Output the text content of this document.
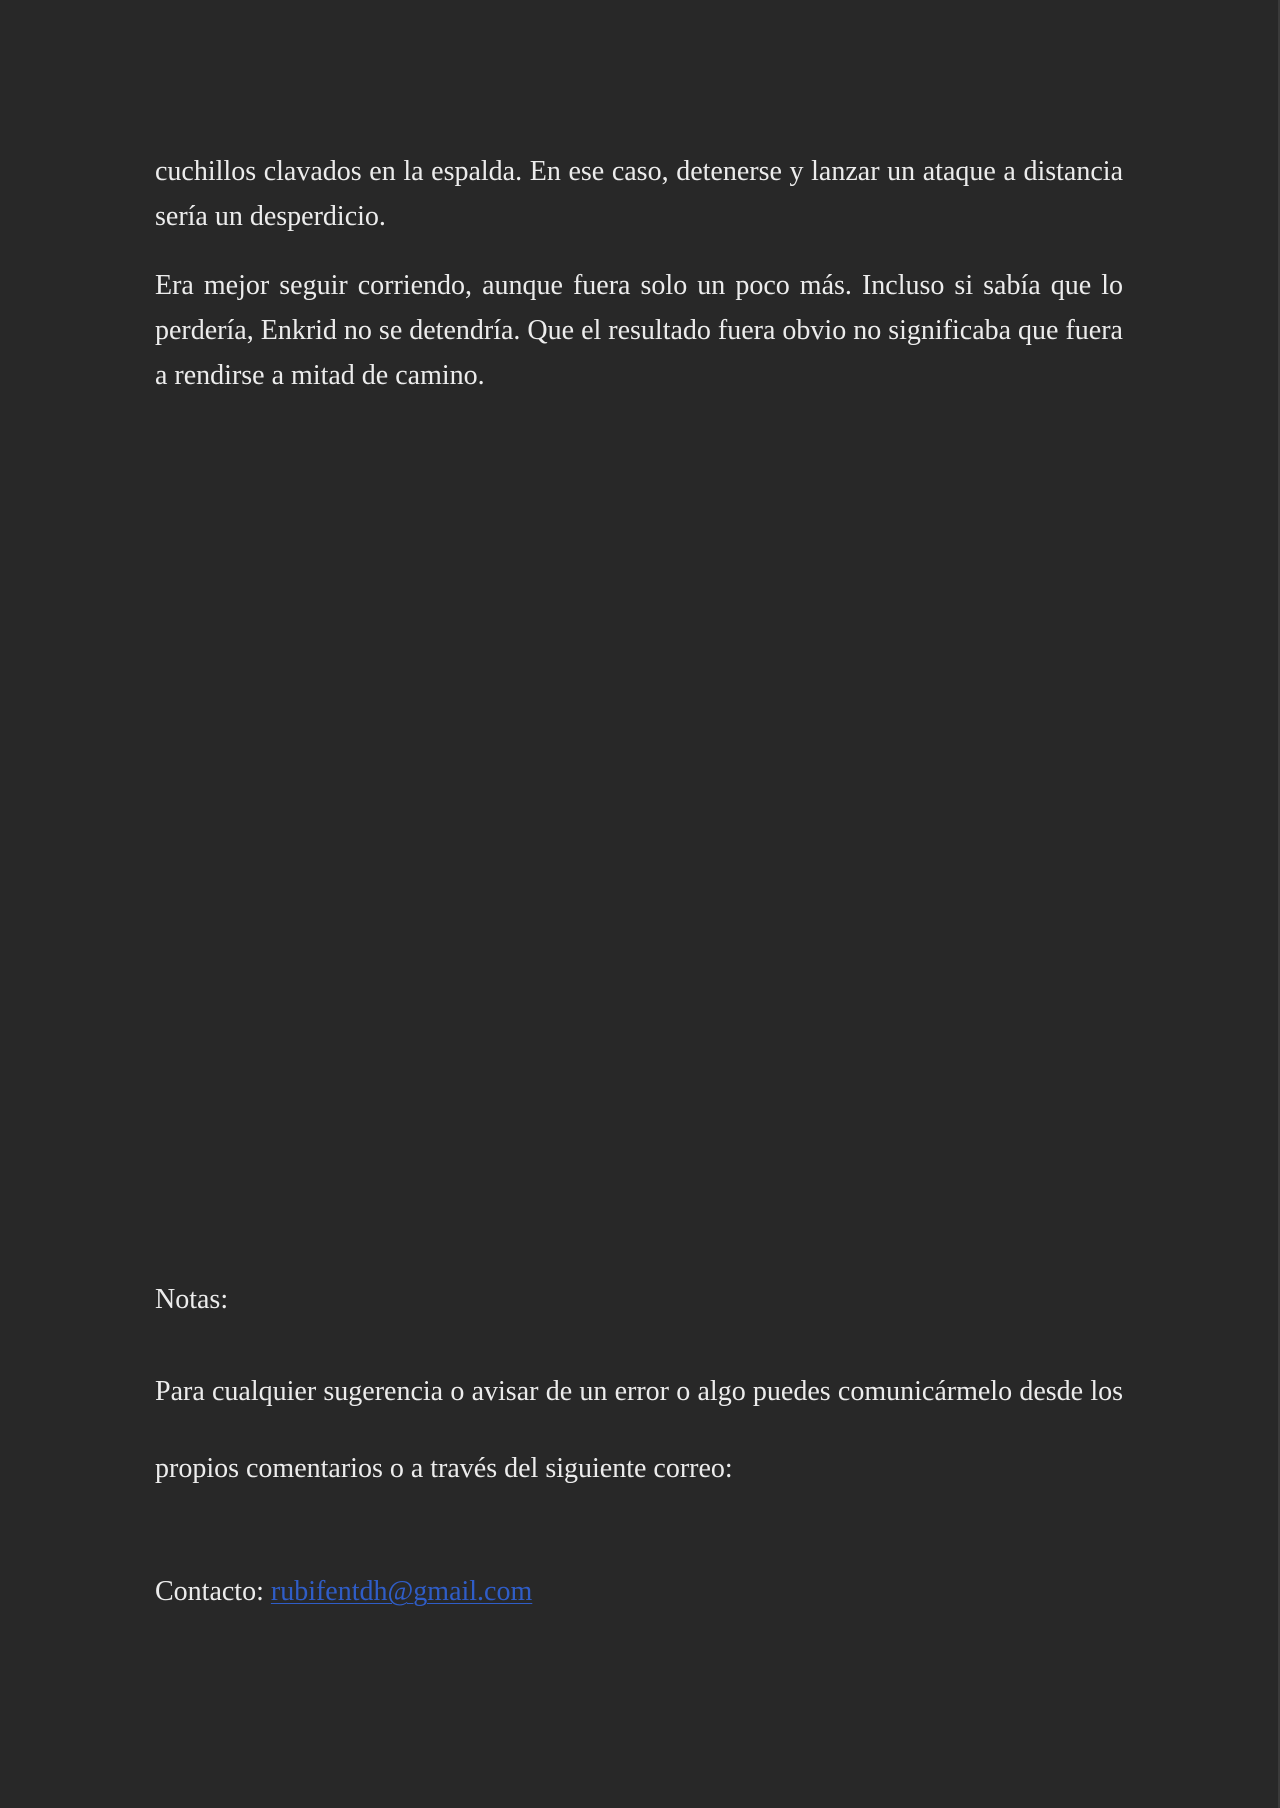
cuchillos clavados en la espalda. En ese caso, detenerse y lanzar un ataque a distancia sería un desperdicio.

Era mejor seguir corriendo, aunque fuera solo un poco más. Incluso si sabía que lo perdería, Enkrid no se detendría. Que el resultado fuera obvio no significaba que fuera a rendirse a mitad de camino.

Notas:

Para cualquier sugerencia o avisar de un error o algo puedes comunicármelo desde los propios comentarios o a través del siguiente correo:

Contacto: rubifentdh@gmail.com
